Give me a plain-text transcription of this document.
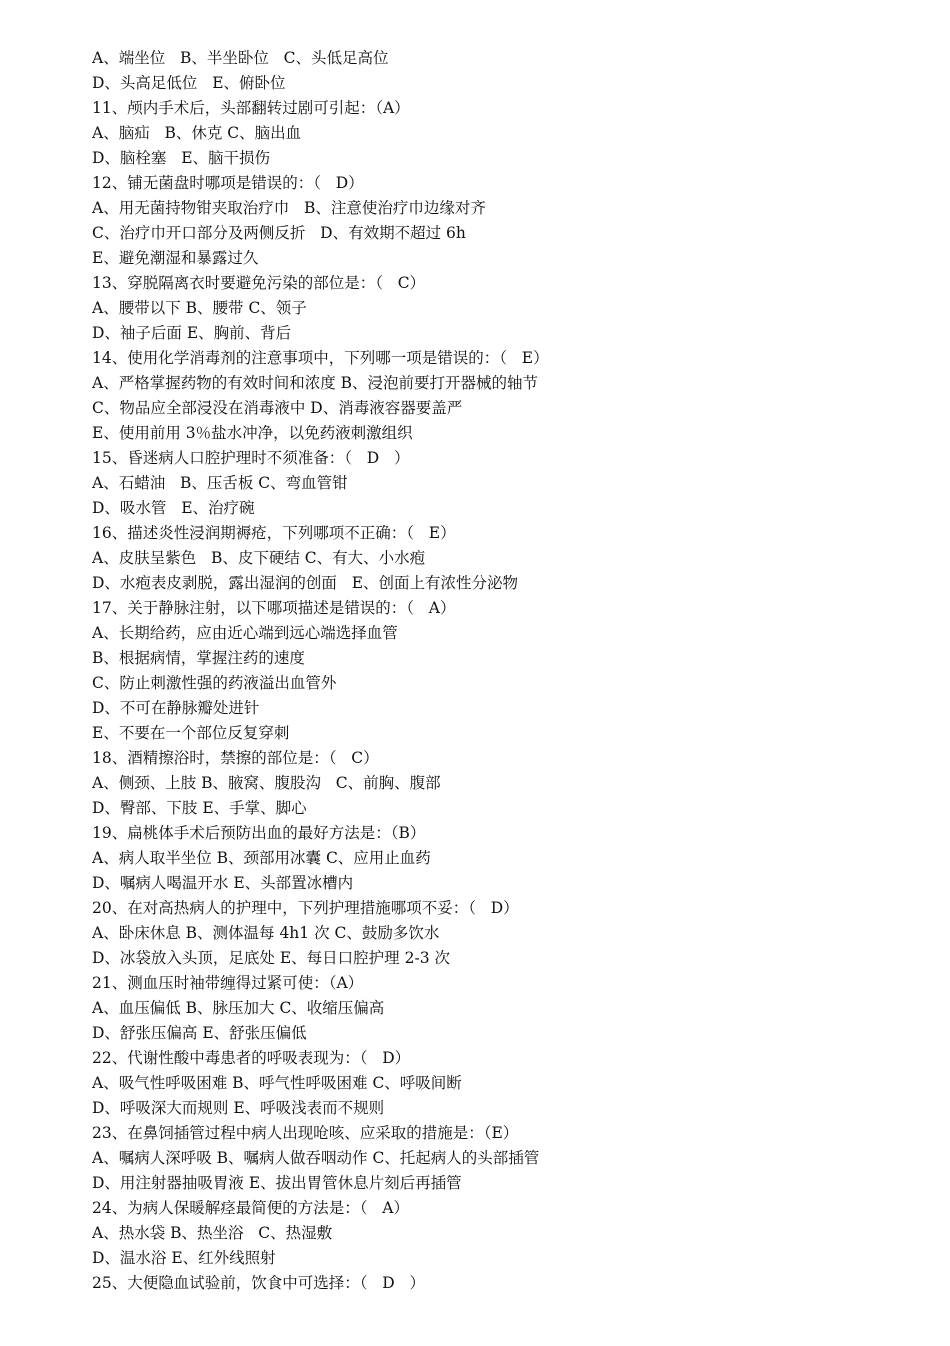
A、端坐位   B、半坐卧位   C、头低足高位
D、头高足低位   E、俯卧位
11、颅内手术后，头部翻转过剧可引起：（A）
A、脑疝   B、休克 C、脑出血
D、脑栓塞   E、脑干损伤
12、铺无菌盘时哪项是错误的：（   D）
A、用无菌持物钳夹取治疗巾   B、注意使治疗巾边缘对齐
C、治疗巾开口部分及两侧反折   D、有效期不超过 6h
E、避免潮湿和暴露过久
13、穿脱隔离衣时要避免污染的部位是：（   C）
A、腰带以下 B、腰带 C、领子
D、袖子后面 E、胸前、背后
14、使用化学消毒剂的注意事项中，下列哪一项是错误的：（   E）
A、严格掌握药物的有效时间和浓度 B、浸泡前要打开器械的轴节
C、物品应全部浸没在消毒液中 D、消毒液容器要盖严
E、使用前用 3％盐水冲净，以免药液刺激组织
15、昏迷病人口腔护理时不须准备：（   D   ）
A、石蜡油   B、压舌板 C、弯血管钳
D、吸水管   E、治疗碗
16、描述炎性浸润期褥疮，下列哪项不正确：（   E）
A、皮肤呈紫色   B、皮下硬结 C、有大、小水疱
D、水疱表皮剥脱，露出湿润的创面   E、创面上有浓性分泌物
17、关于静脉注射，以下哪项描述是错误的：（   A）
A、长期给药，应由近心端到远心端选择血管
B、根据病情，掌握注药的速度
C、防止刺激性强的药液溢出血管外
D、不可在静脉瓣处进针
E、不要在一个部位反复穿刺
18、酒精擦浴时，禁擦的部位是：（   C）
A、侧颈、上肢 B、腋窝、腹股沟   C、前胸、腹部
D、臀部、下肢 E、手掌、脚心
19、扁桃体手术后预防出血的最好方法是：（B）
A、病人取半坐位 B、颈部用冰囊 C、应用止血药
D、嘱病人喝温开水 E、头部置冰槽内
20、在对高热病人的护理中，下列护理措施哪项不妥：（   D）
A、卧床休息 B、测体温每 4h1 次 C、鼓励多饮水
D、冰袋放入头顶，足底处 E、每日口腔护理 2-3 次
21、测血压时袖带缠得过紧可使：（A）
A、血压偏低 B、脉压加大 C、收缩压偏高
D、舒张压偏高 E、舒张压偏低
22、代谢性酸中毒患者的呼吸表现为：（   D）
A、吸气性呼吸困难 B、呼气性呼吸困难 C、呼吸间断
D、呼吸深大而规则 E、呼吸浅表而不规则
23、在鼻饲插管过程中病人出现呛咳、应采取的措施是：（E）
A、嘱病人深呼吸 B、嘱病人做吞咽动作 C、托起病人的头部插管
D、用注射器抽吸胃液 E、拔出胃管休息片刻后再插管
24、为病人保暖解痉最简便的方法是：（   A）
A、热水袋 B、热坐浴   C、热湿敷
D、温水浴 E、红外线照射
25、大便隐血试验前，饮食中可选择：（   D   ）
